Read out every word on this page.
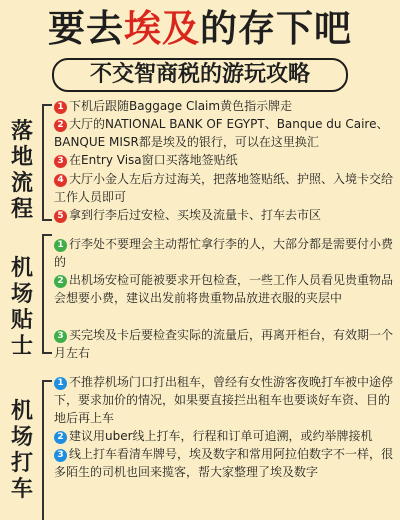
要去埃及的存下吧
不交智商税的游玩攻略
落地流程
1 下机后跟随Baggage Claim黄色指示牌走
2 大厅的NATIONAL BANK OF EGYPT、Banque du Caire、BANQUE MISR都是埃及的银行，可以在这里换汇
3 在Entry Visa窗口买落地签贴纸
4 大厅小金人左后方过海关，把落地签贴纸、护照、入境卡交给工作人员即可
5 拿到行李后过安检、买埃及流量卡、打车去市区
机场贴士
1 行李处不要理会主动帮忙拿行李的人，大部分都是需要付小费的
2 出机场安检可能被要求开包检查，一些工作人员看见贵重物品会想要小费，建议出发前将贵重物品放进衣服的夹层中
3 买完埃及卡后要检查实际的流量后，再离开柜台，有效期一个月左右
机场打车
1 不推荐机场门口打出租车，曾经有女性游客夜晚打车被中途停下，要求加价的情况，如果要直接拦出租车也要谈好车资、目的地后再上车
2 建议用uber线上打车，行程和订单可追溯，或约举牌接机
3 线上打车看清车牌号，埃及数字和常用阿拉伯数字不一样，很多陌生的司机也回来揽客，帮大家整理了埃及数字
